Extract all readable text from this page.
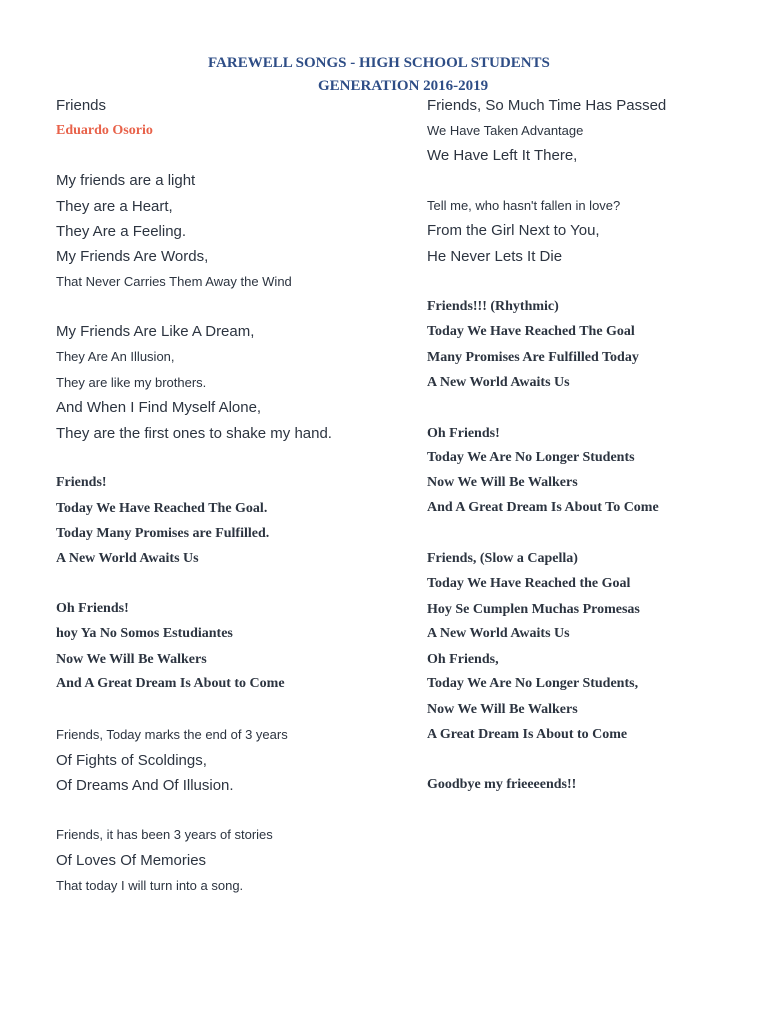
FAREWELL SONGS - HIGH SCHOOL STUDENTS
GENERATION 2016-2019
Friends
Eduardo Osorio
My friends are a light
They are a Heart,
They Are a Feeling.
My Friends Are Words,
That Never Carries Them Away the Wind
My Friends Are Like A Dream,
They Are An Illusion,
They are like my brothers.
And When I Find Myself Alone,
They are the first ones to shake my hand.
Friends!
Today We Have Reached The Goal.
Today Many Promises are Fulfilled.
A New World Awaits Us
Oh Friends!
hoy Ya No Somos Estudiantes
Now We Will Be Walkers
And A Great Dream Is About to Come
Friends, Today marks the end of 3 years
Of Fights of Scoldings,
Of Dreams And Of Illusion.
Friends, it has been 3 years of stories
Of Loves Of Memories
That today I will turn into a song.
Friends, So Much Time Has Passed
We Have Taken Advantage
We Have Left It There,
Tell me, who hasn't fallen in love?
From the Girl Next to You,
He Never Lets It Die
Friends!!! (Rhythmic)
Today We Have Reached The Goal
Many Promises Are Fulfilled Today
A New World Awaits Us
Oh Friends!
Today We Are No Longer Students
Now We Will Be Walkers
And A Great Dream Is About To Come
Friends, (Slow a Capella)
Today We Have Reached the Goal
Hoy Se Cumplen Muchas Promesas
A New World Awaits Us
Oh Friends,
Today We Are No Longer Students,
Now We Will Be Walkers
A Great Dream Is About to Come
Goodbye my frieeeends!!
